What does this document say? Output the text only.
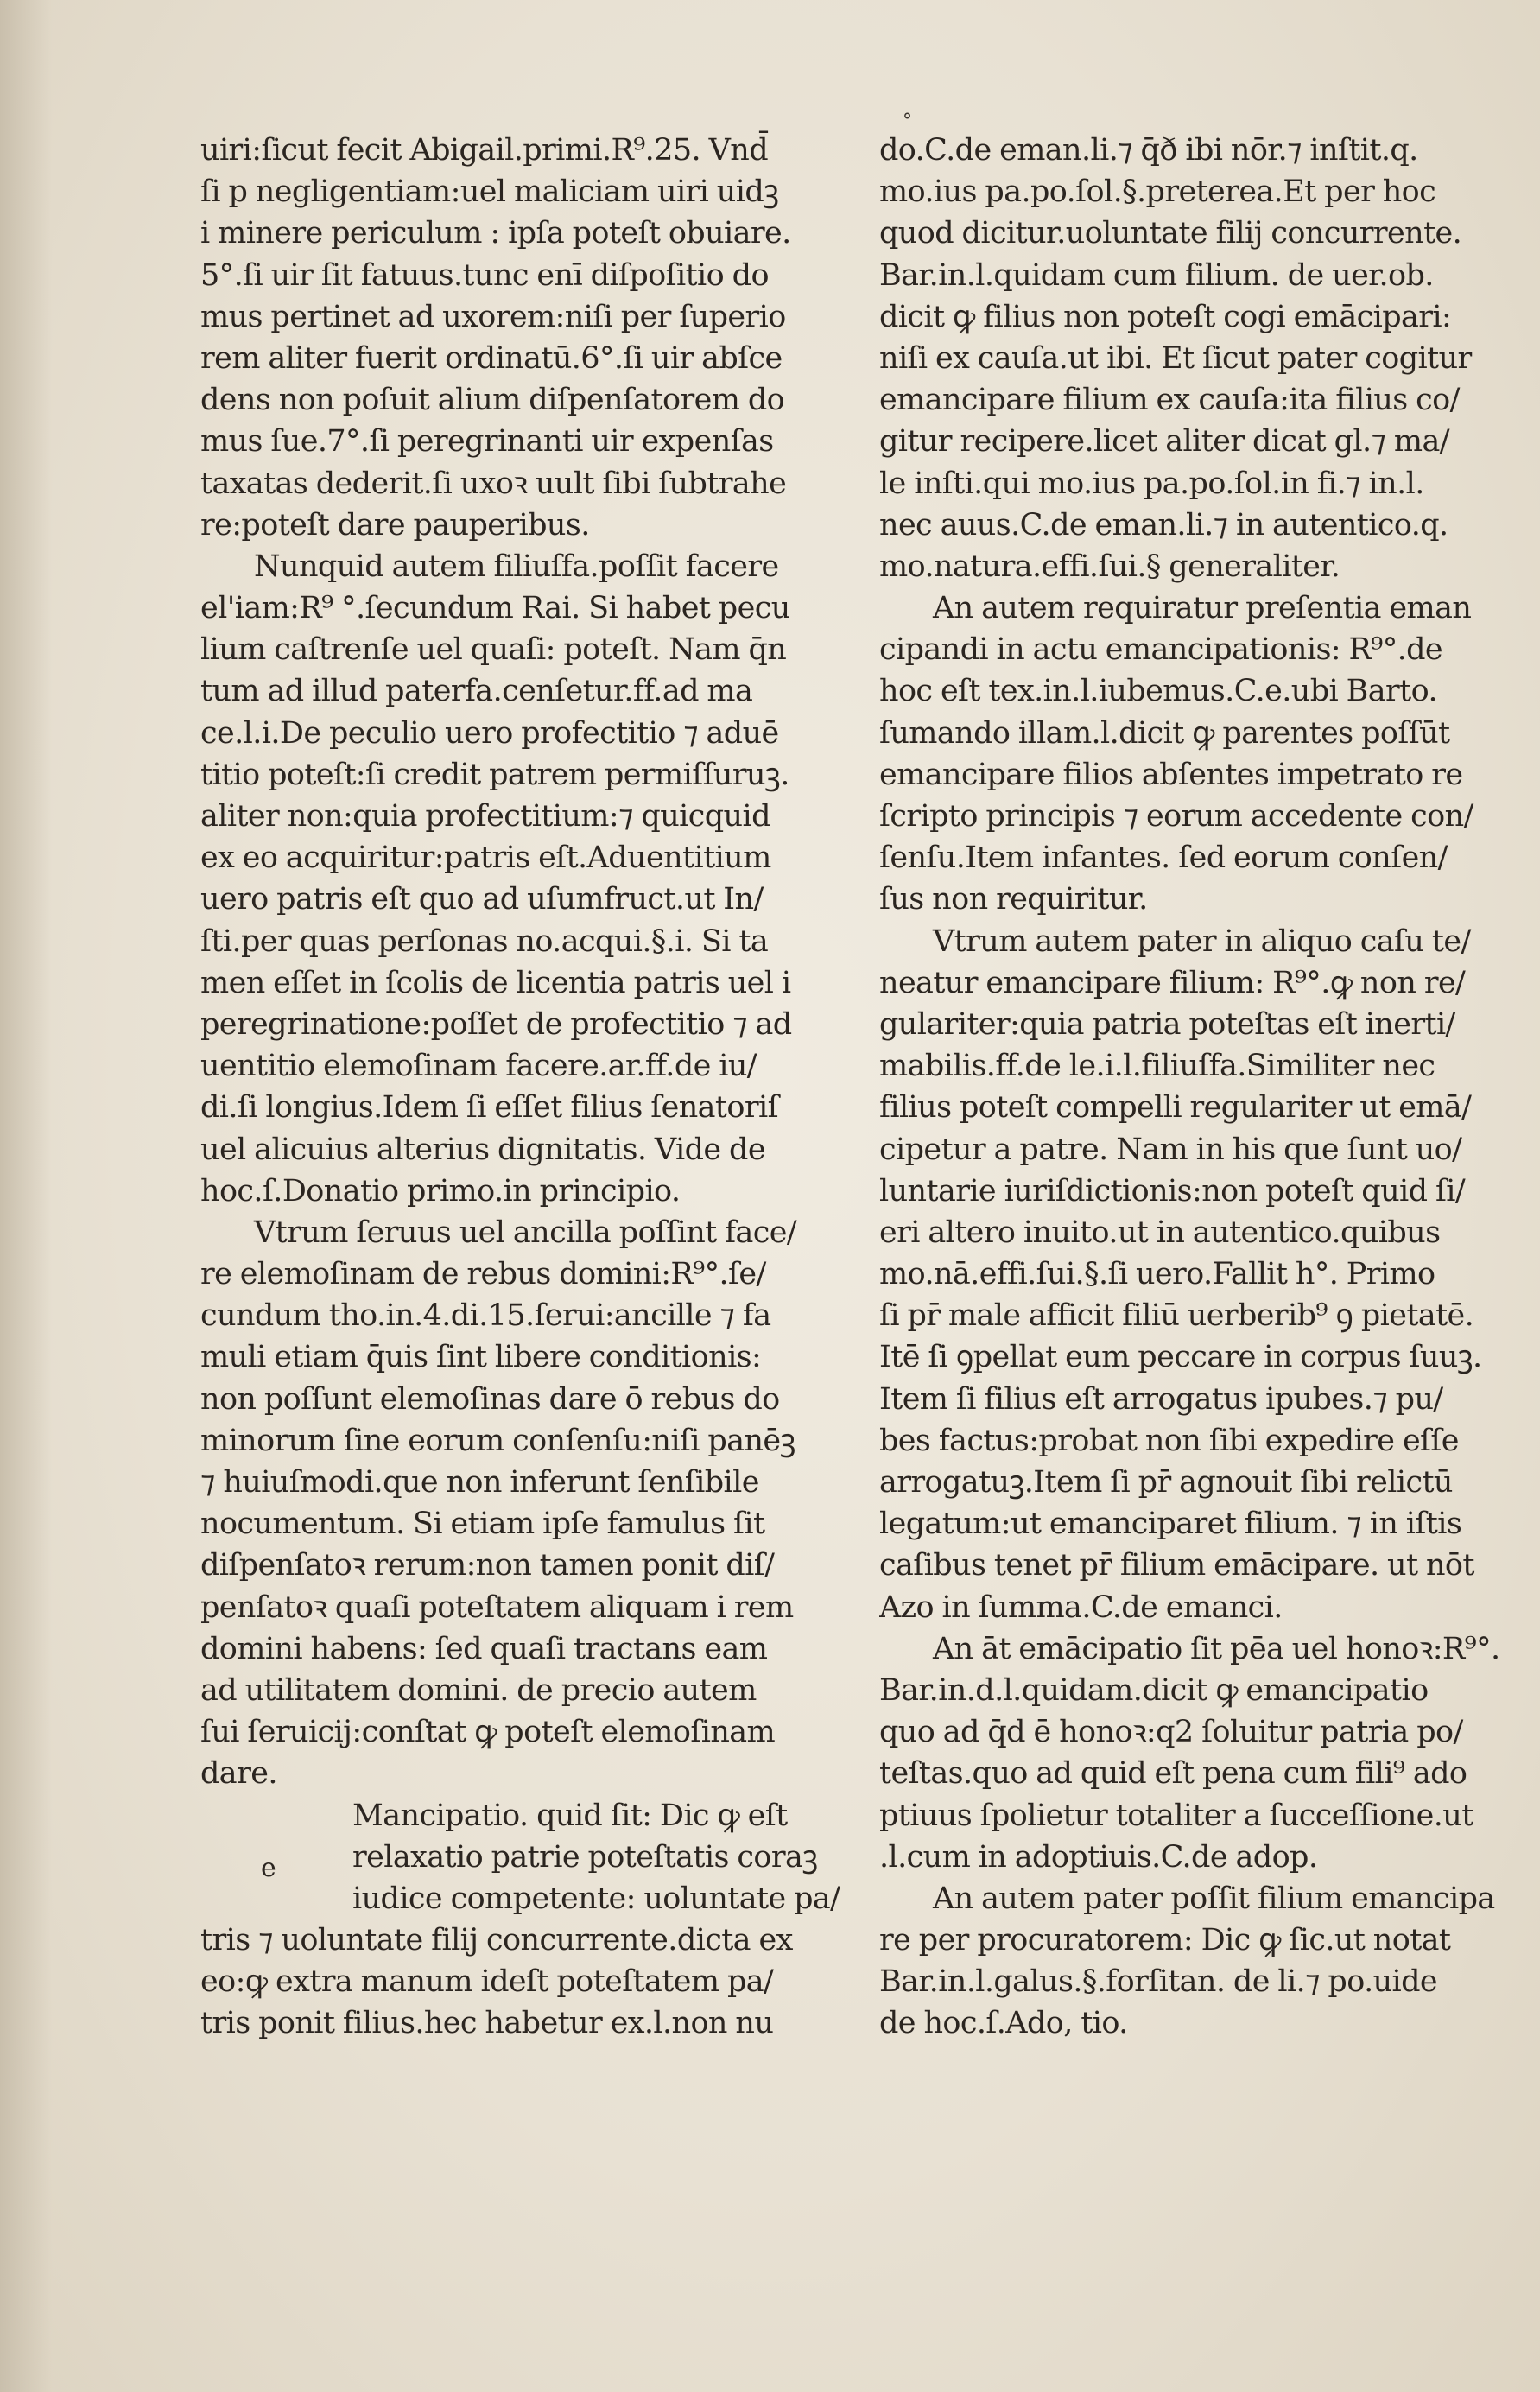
°
uiri:ſicut fecit Abigail.primi.R⁹.25. Vnd̄
ſi p negligentiam:uel maliciam uiri uidꝫ
i minere periculum : ipſa poteſt obuiare.
5°.ſi uir ſit fatuus.tunc enī diſpoſitio do
mus pertinet ad uxorem:niſi per ſuperio
rem aliter fuerit ordinatū.6°.ſi uir abſce
dens non poſuit alium diſpenſatorem do
mus ſue.7°.ſi peregrinanti uir expenſas
taxatas dederit.ſi uxoꝛ uult ſibi ſubtrahe
re:poteſt dare pauperibus.
Nunquid autem filiuſfa.poſſit facere
el'iam:R⁹ °.ſecundum Rai. Si habet pecu
lium caſtrenſe uel quaſi: poteſt. Nam q̄n
tum ad illud paterfa.cenſetur.ff.ad ma
ce.l.i.De peculio uero profectitio ⁊ aduē
titio poteſt:ſi credit patrem permiſſuruꝫ.
aliter non:quia profectitium:⁊ quicquid
ex eo acquiritur:patris eſt.Aduentitium
uero patris eſt quo ad uſumfruct.ut In/
ſti.per quas perſonas no.acqui.§.i. Si ta
men eſſet in ſcolis de licentia patris uel i
peregrinatione:poſſet de profectitio ⁊ ad
uentitio elemoſinam facere.ar.ff.de iu/
di.ſi longius.Idem ſi eſſet filius ſenatoriſ
uel alicuius alterius dignitatis. Vide de
hoc.ſ.Donatio primo.in principio.
Vtrum ſeruus uel ancilla poſſint face/
re elemoſinam de rebus domini:R⁹°.ſe/
cundum tho.in.4.di.15.ſerui:ancille ⁊ fa
muli etiam q̄uis ſint libere conditionis:
non poſſunt elemoſinas dare ō rebus do
minorum ſine eorum conſenſu:niſi panēꝫ
⁊ huiuſmodi.que non inferunt ſenſibile
nocumentum. Si etiam ipſe famulus ſit
diſpenſatoꝛ rerum:non tamen ponit diſ/
penſatoꝛ quaſi poteſtatem aliquam i rem
domini habens: ſed quaſi tractans eam
ad utilitatem domini. de precio autem
ſui ſeruicij:conſtat ꝙ poteſt elemoſinam
dare.
e
Mancipatio. quid ſit: Dic ꝙ eſt
relaxatio patrie poteſtatis coraꝫ
iudice competente: uoluntate pa/
tris ⁊ uoluntate filij concurrente.dicta ex
eo:ꝙ extra manum ideſt poteſtatem pa/
tris ponit filius.hec habetur ex.l.non nu
do.C.de eman.li.⁊ q̄ð ibi nōr.⁊ inſtit.q.
mo.ius pa.po.ſol.§.preterea.Et per hoc
quod dicitur.uoluntate filij concurrente.
Bar.in.l.quidam cum filium. de uer.ob.
dicit ꝙ filius non poteſt cogi emācipari:
niſi ex cauſa.ut ibi. Et ſicut pater cogitur
emancipare filium ex cauſa:ita filius co/
gitur recipere.licet aliter dicat gl.⁊ ma/
le inſti.qui mo.ius pa.po.ſol.in fi.⁊ in.l.
nec auus.C.de eman.li.⁊ in autentico.q.
mo.natura.effi.ſui.§ generaliter.
An autem requiratur preſentia eman
cipandi in actu emancipationis: R⁹°.de
hoc eſt tex.in.l.iubemus.C.e.ubi Barto.
ſumando illam.l.dicit ꝙ parentes poſſūt
emancipare filios abſentes impetrato re
ſcripto principis ⁊ eorum accedente con/
ſenſu.Item infantes. ſed eorum conſen/
ſus non requiritur.
Vtrum autem pater in aliquo caſu te/
neatur emancipare filium: R⁹°.ꝙ non re/
gulariter:quia patria poteſtas eſt inerti/
mabilis.ff.de le.i.l.filiuſfa.Similiter nec
filius poteſt compelli regulariter ut emā/
cipetur a patre. Nam in his que ſunt uo/
luntarie iuriſdictionis:non poteſt quid ſi/
eri altero inuito.ut in autentico.quibus
mo.nā.effi.ſui.§.ſi uero.Fallit h°. Primo
ſi pr̄ male afficit filiū uerberib⁹ ꝯ pietatē.
Itē ſi ꝯpellat eum peccare in corpus ſuuꝫ.
Item ſi filius eſt arrogatus ipubes.⁊ pu/
bes factus:probat non ſibi expedire eſſe
arrogatuꝫ.Item ſi pr̄ agnouit ſibi relictū
legatum:ut emanciparet filium. ⁊ in iſtis
caſibus tenet pr̄ filium emācipare. ut nōt
Azo in ſumma.C.de emanci.
An āt emācipatio ſit pēa uel honoꝛ:R⁹°.
Bar.in.d.l.quidam.dicit ꝙ emancipatio
quo ad q̄d ē honoꝛ:q2 ſoluitur patria po/
teſtas.quo ad quid eſt pena cum fili⁹ ado
ptiuus ſpolietur totaliter a ſucceſſione.ut
.l.cum in adoptiuis.C.de adop.
An autem pater poſſit filium emancipa
re per procuratorem: Dic ꝙ ſic.ut notat
Bar.in.l.galus.§.forſitan. de li.⁊ po.uide
de hoc.ſ.Ado, tio.
